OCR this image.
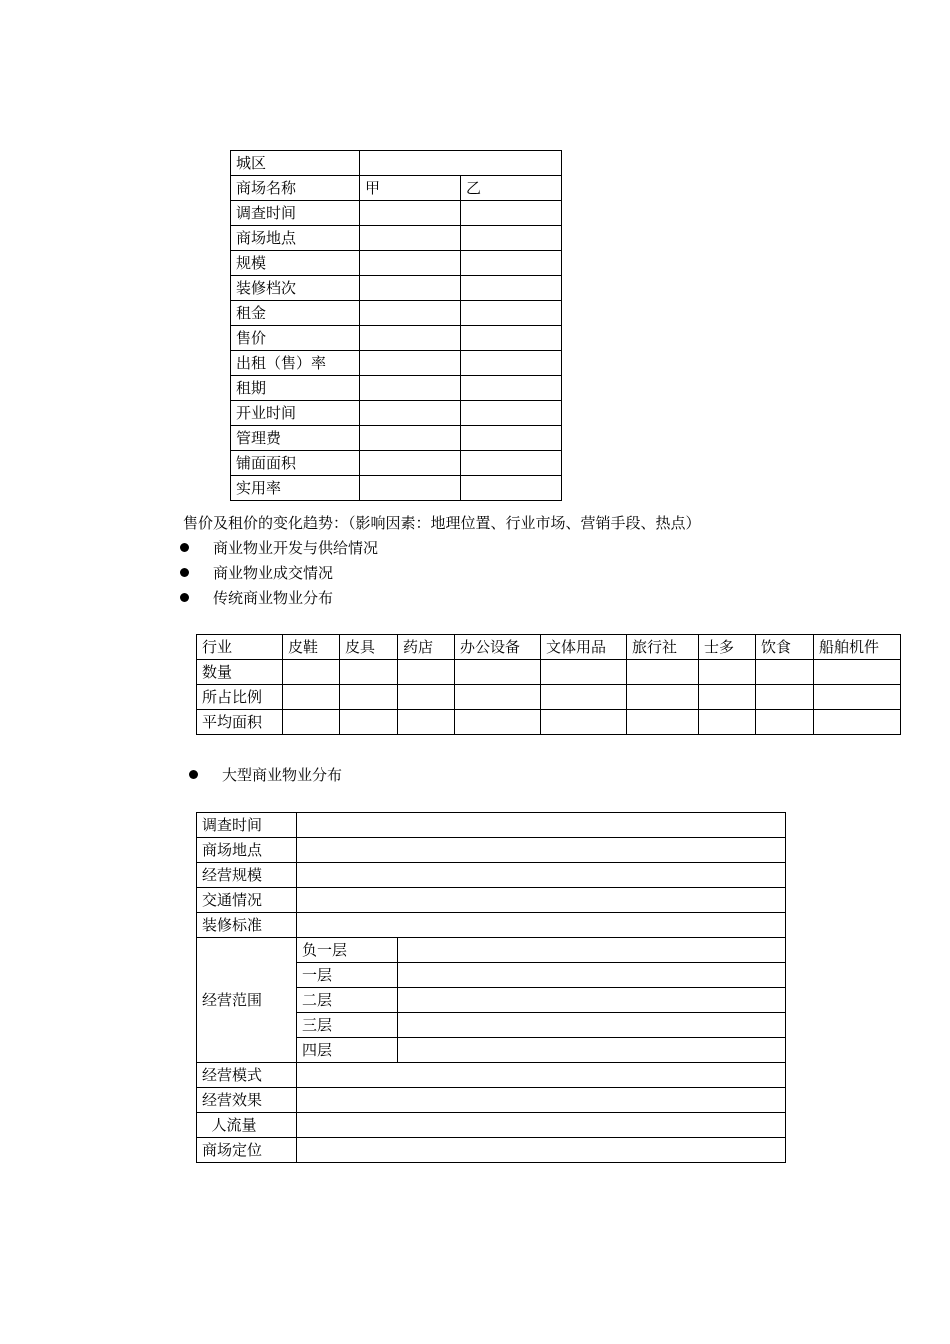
城区		
商场名称	甲	乙
调查时间		
商场地点		
规模		
装修档次		
租金		
售价		
出租（售）率		
租期		
开业时间		
管理费		
铺面面积		
实用率		
售价及租价的变化趋势：（影响因素：地理位置、行业市场、营销手段、热点）
商业物业开发与供给情况
商业物业成交情况
传统商业物业分布
行业	皮鞋	皮具	药店	办公设备	文体用品	旅行社	士多	饮食	船舶机件
数量									
所占比例									
平均面积									
大型商业物业分布
调查时间		
商场地点		
经营规模		
交通情况		
装修标准		
经营范围	负一层	
	一层	
	二层	
	三层	
	四层	
经营模式		
经营效果		
人流量		
商场定位		
